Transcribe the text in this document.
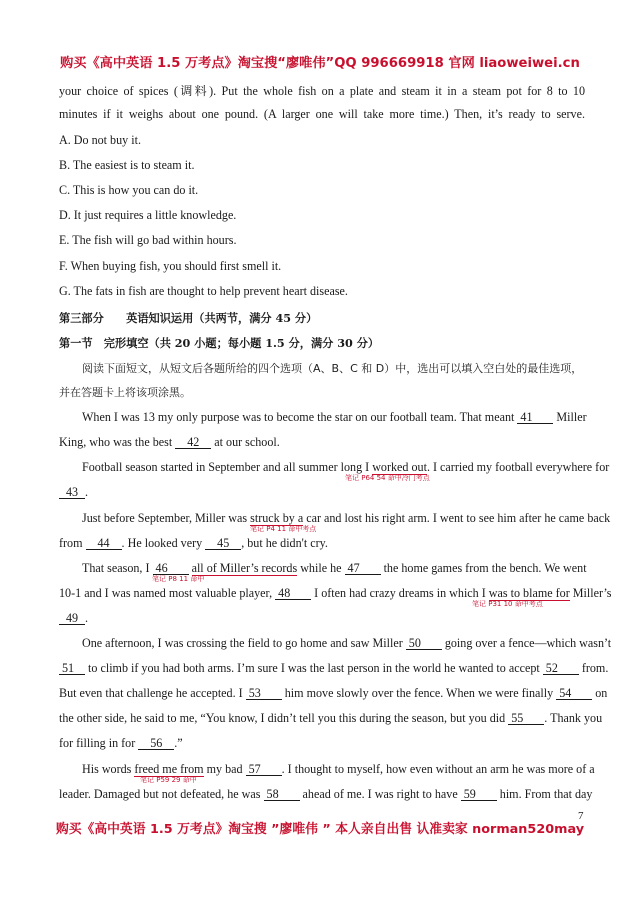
购买《高中英语 1.5 万考点》淘宝搜“廖唯伟”QQ 996669918 官网 liaoweiwei.cn
your choice of spices (调料). Put the whole fish on a plate and steam it in a steam pot for 8 to 10
minutes if it weighs about one pound. (A larger one will take more time.) Then, it’s ready to serve.
A. Do not buy it.
B. The easiest is to steam it.
C. This is how you can do it.
D. It just requires a little knowledge.
E. The fish will go bad within hours.
F. When buying fish, you should first smell it.
G. The fats in fish are thought to help prevent heart disease.
第三部分　　英语知识运用（共两节，满分 45 分）
第一节　完形填空（共 20 小题；每小题 1.5 分，满分 30 分）
阅读下面短文，从短文后各题所给的四个选项（A、B、C 和 D）中，选出可以填入空白处的最佳选项，
并在答题卡上将该项涂黑。
When I was 13 my only purpose was to become the star on our football team. That meant 41 Miller
King, who was the best 42 at our school.
Football season started in September and all summer long I worked out. I carried my football everywhere for
笔记 P64 54 命中冷门考点
43 .
Just before September, Miller was struck by a car and lost his right arm. I went to see him after he came back
笔记 P4 11 命中考点
from 44 . He looked very 45 , but he didn't cry.
That season, I 46 all of Miller’s records while he 47 the home games from the bench. We went
笔记 P8 11 命中
10-1 and I was named most valuable player, 48 I often had crazy dreams in which I was to blame for Miller’s
笔记 P31 10 命中考点
49 .
One afternoon, I was crossing the field to go home and saw Miller 50 going over a fence—which wasn’t
51 to climb if you had both arms. I’m sure I was the last person in the world he wanted to accept 52 from.
But even that challenge he accepted. I 53 him move slowly over the fence. When we were finally 54 on
the other side, he said to me, “You know, I didn’t tell you this during the season, but you did 55 . Thank you
for filling in for 56 .”
His words freed me from my bad 57 . I thought to myself, how even without an arm he was more of a
笔记 P59 29 命中
leader. Damaged but not defeated, he was 58 ahead of me. I was right to have 59 him. From that day
7
购买《高中英语 1.5 万考点》淘宝搜 ”廖唯伟 ” 本人亲自出售 认准卖家 norman520may
